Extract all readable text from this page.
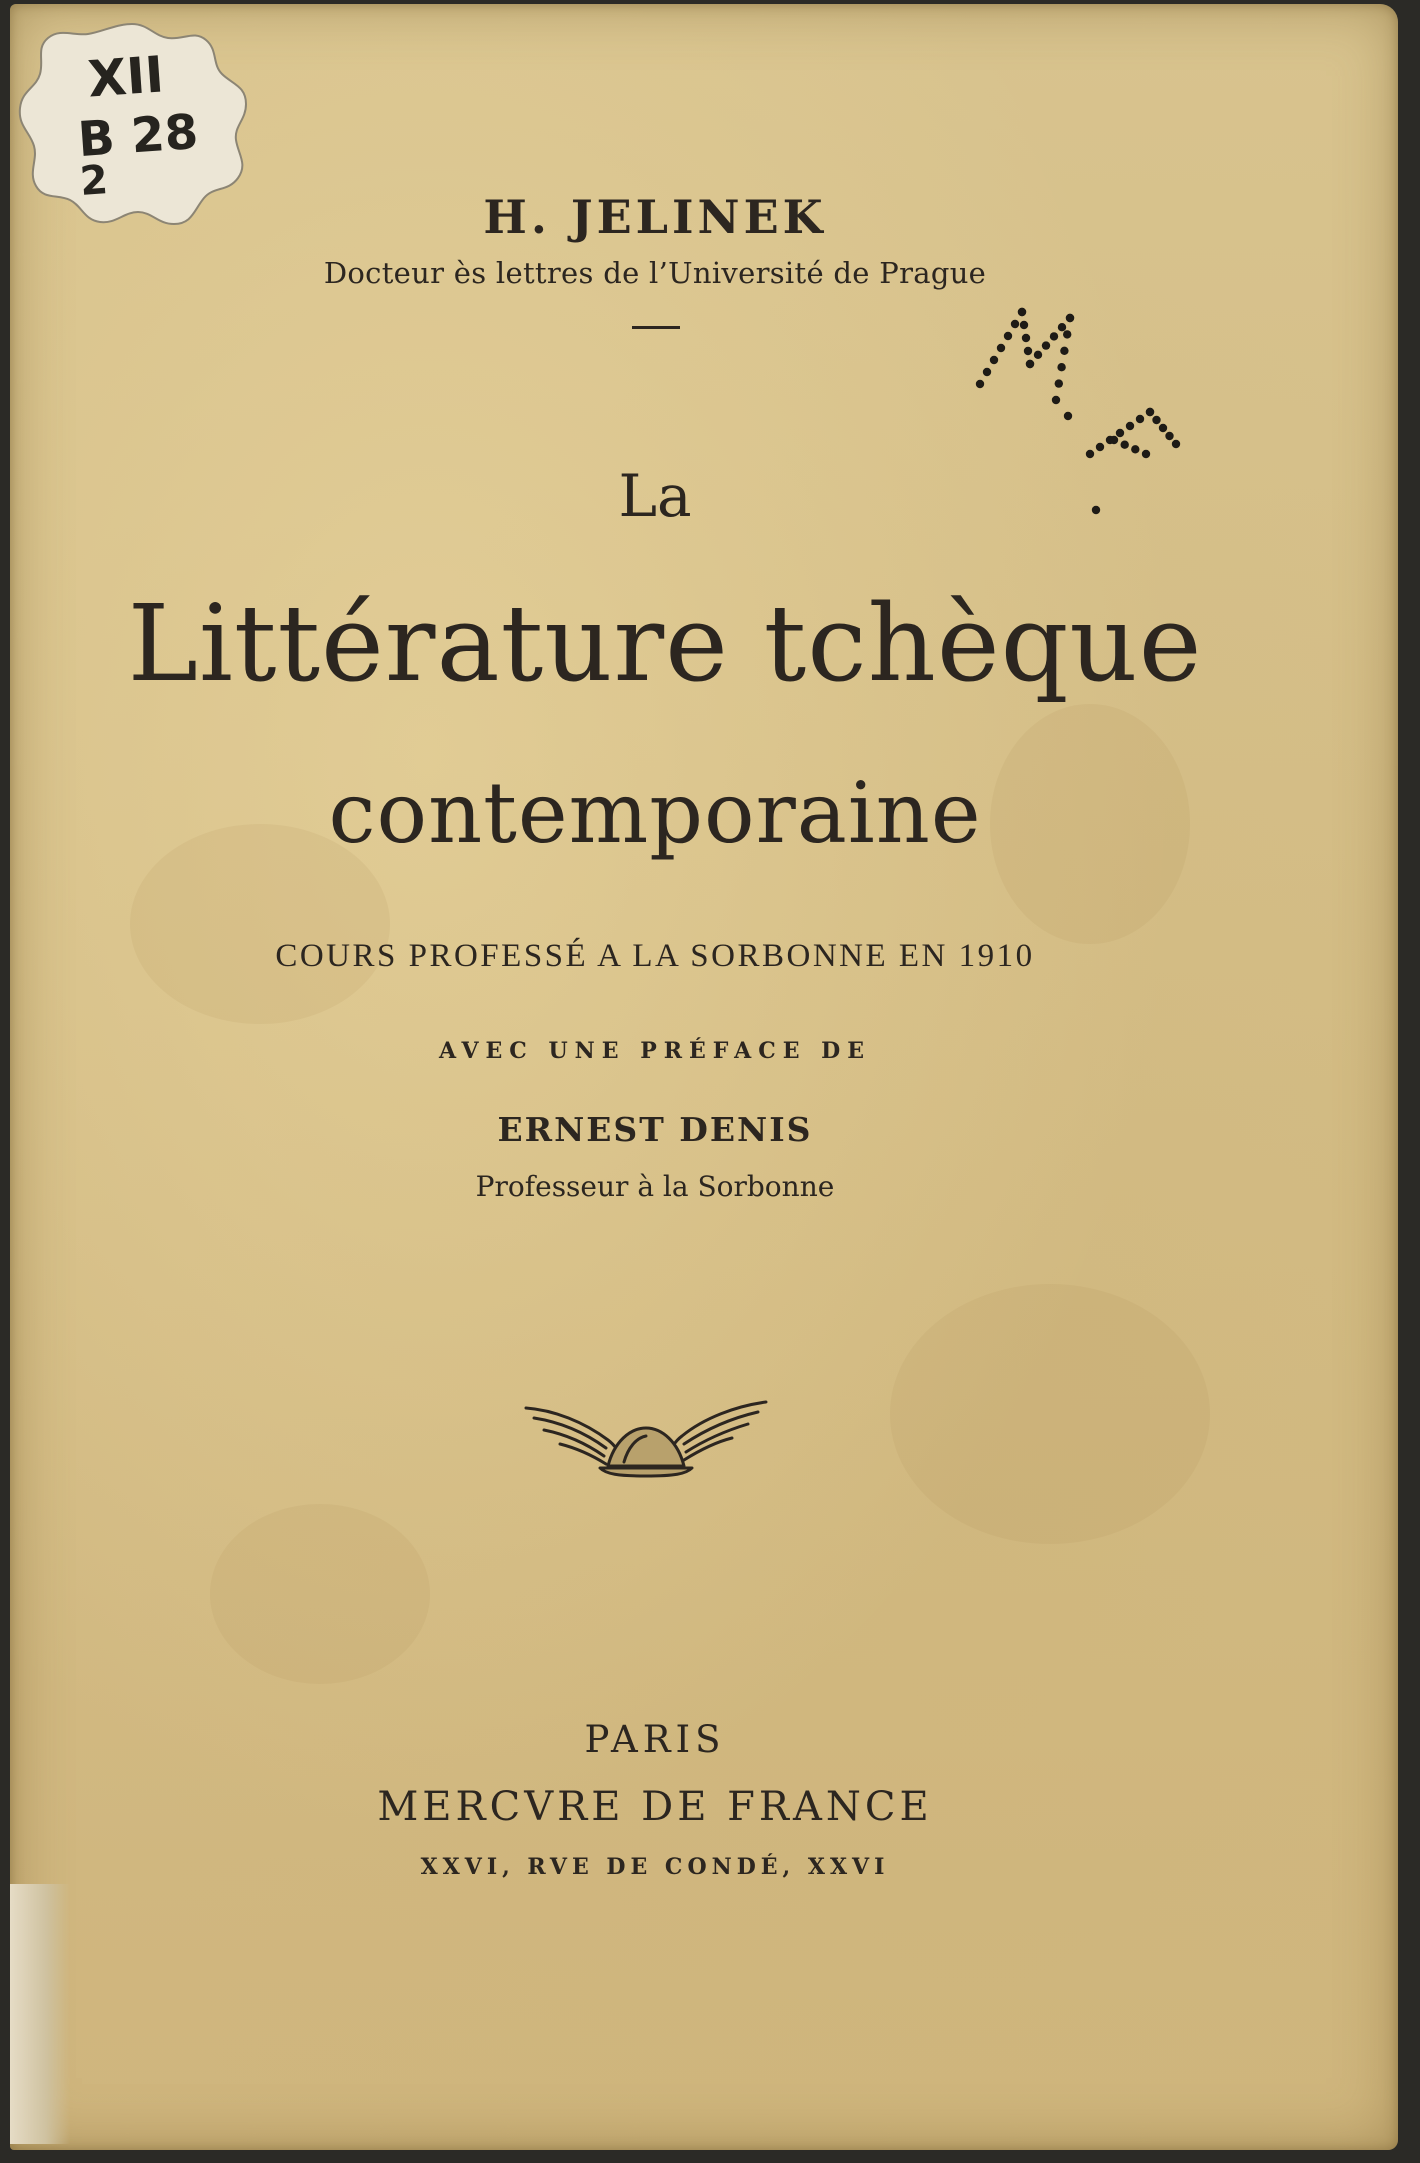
XII
B 28
2
H. JELINEK
Docteur ès lettres de l’Université de Prague
La
Littérature tchèque
contemporaine
COURS PROFESSÉ A LA SORBONNE EN 1910
AVEC UNE PRÉFACE DE
ERNEST DENIS
Professeur à la Sorbonne
PARIS
MERCVRE DE FRANCE
XXVI, RVE DE CONDÉ, XXVI
